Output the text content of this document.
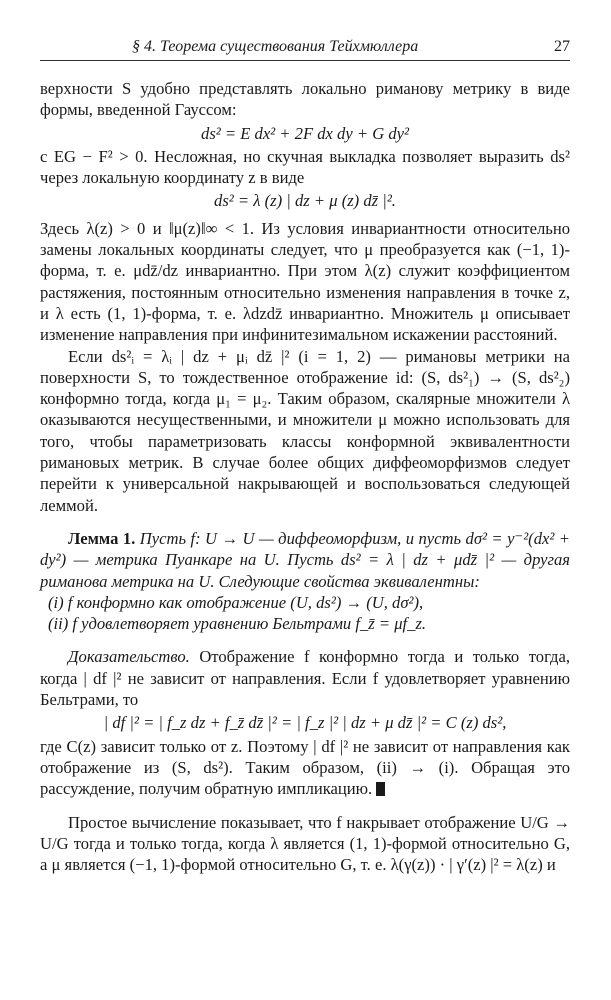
§ 4. Теорема существования Тейхмюллера	27

верхности S удобно представлять локально риманову метрику в виде формы, введенной Гауссом:

ds² = E dx² + 2F dx dy + G dy²

с EG − F² > 0. Несложная, но скучная выкладка позволяет выразить ds² через локальную координату z в виде

ds² = λ (z) | dz + μ (z) dz̄ |².

Здесь λ(z) > 0 и ‖μ(z)‖∞ < 1. Из условия инвариантности относительно замены локальных координаты следует, что μ преобразуется как (−1, 1)-форма, т. е. μdz̄/dz инвариантно. При этом λ(z) служит коэффициентом растяжения, постоянным относительно изменения направления в точке z, и λ есть (1, 1)-форма, т. е. λdzdz̄ инвариантно. Множитель μ описывает изменение направления при инфинитезимальном искажении расстояний.

Если ds²ᵢ = λᵢ | dz + μᵢ dz̄ |² (i = 1, 2) — римановы метрики на поверхности S, то тождественное отображение id: (S, ds²₁) → (S, ds²₂) конформно тогда, когда μ₁ = μ₂. Таким образом, скалярные множители λ оказываются несущественными, и множители μ можно использовать для того, чтобы параметризовать классы конформной эквивалентности римановых метрик. В случае более общих диффеоморфизмов следует перейти к универсальной накрывающей и воспользоваться следующей леммой.

Лемма 1. Пусть f: U → U — диффеоморфизм, и пусть dσ² = y⁻²(dx² + dy²) — метрика Пуанкаре на U. Пусть ds² = λ | dz + μdz̄ |² — другая риманова метрика на U. Следующие свойства эквивалентны:

(i) f конформно как отображение (U, ds²) → (U, dσ²),
(ii) f удовлетворяет уравнению Бельтрами f_z̄ = μf_z.

Доказательство. Отображение f конформно тогда и только тогда, когда | df |² не зависит от направления. Если f удовлетворяет уравнению Бельтрами, то

| df |² = | f_z dz + f_z̄ dz̄ |² = | f_z |² | dz + μ dz̄ |² = C (z) ds²,

где C(z) зависит только от z. Поэтому | df |² не зависит от направления как отображение из (S, ds²). Таким образом, (ii) → (i). Обращая это рассуждение, получим обратную импликацию.

Простое вычисление показывает, что f накрывает отображение U/G → U/G тогда и только тогда, когда λ является (1, 1)-формой относительно G, а μ является (−1, 1)-формой относительно G, т. е. λ(γ(z)) · | γ′(z) |² = λ(z) и
